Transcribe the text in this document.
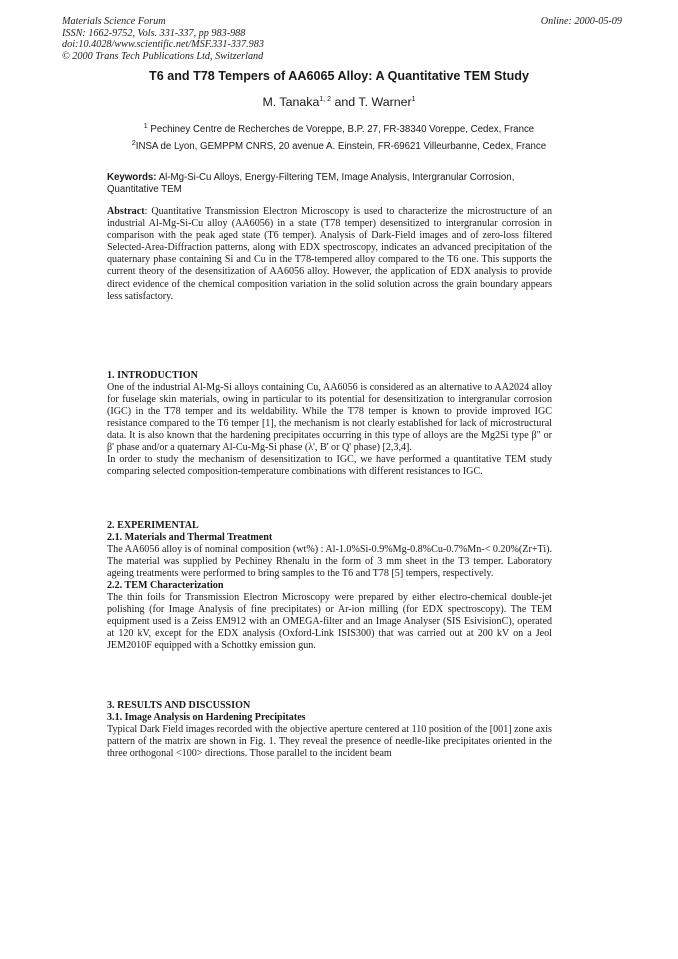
Materials Science Forum
ISSN: 1662-9752, Vols. 331-337, pp 983-988
doi:10.4028/www.scientific.net/MSF.331-337.983
© 2000 Trans Tech Publications Ltd, Switzerland
Online: 2000-05-09
T6 and T78 Tempers of AA6065 Alloy: A Quantitative TEM Study
M. Tanaka$^{1, 2}$ and T. Warner$^1$
$^1$ Pechiney Centre de Recherches de Voreppe, B.P. 27, FR-38340 Voreppe, Cedex, France
$^2$INSA de Lyon, GEMPPM CNRS, 20 avenue A. Einstein, FR-69621 Villeurbanne, Cedex, France
Keywords: Al-Mg-Si-Cu Alloys, Energy-Filtering TEM, Image Analysis, Intergranular Corrosion, Quantitative TEM
Abstract: Quantitative Transmission Electron Microscopy is used to characterize the microstructure of an industrial Al-Mg-Si-Cu alloy (AA6056) in a state (T78 temper) desensitized to intergranular corrosion in comparison with the peak aged state (T6 temper). Analysis of Dark-Field images and of zero-loss filtered Selected-Area-Diffraction patterns, along with EDX spectroscopy, indicates an advanced precipitation of the quaternary phase containing Si and Cu in the T78-tempered alloy compared to the T6 one. This supports the current theory of the desensitization of AA6056 alloy. However, the application of EDX analysis to provide direct evidence of the chemical composition variation in the solid solution across the grain boundary appears less satisfactory.
1. INTRODUCTION

One of the industrial Al-Mg-Si alloys containing Cu, AA6056 is considered as an alternative to AA2024 alloy for fuselage skin materials, owing in particular to its potential for desensitization to intergranular corrosion (IGC) in the T78 temper and its weldability. While the T78 temper is known to provide improved IGC resistance compared to the T6 temper [1], the mechanism is not clearly established for lack of microstructural data. It is also known that the hardening precipitates occurring in this type of alloys are the Mg2Si type β" or β' phase and/or a quaternary Al-Cu-Mg-Si phase (λ', B' or Q' phase) [2,3,4].

In order to study the mechanism of desensitization to IGC, we have performed a quantitative TEM study comparing selected composition-temperature combinations with different resistances to IGC.

2. EXPERIMENTAL
2.1. Materials and Thermal Treatment

The AA6056 alloy is of nominal composition (wt%) : Al-1.0%Si-0.9%Mg-0.8%Cu-0.7%Mn-< 0.20%(Zr+Ti). The material was supplied by Pechiney Rhenalu in the form of 3 mm sheet in the T3 temper. Laboratory ageing treatments were performed to bring samples to the T6 and T78 [5] tempers, respectively.

2.2. TEM Characterization

The thin foils for Transmission Electron Microscopy were prepared by either electro-chemical double-jet polishing (for Image Analysis of fine precipitates) or Ar-ion milling (for EDX spectroscopy). The TEM equipment used is a Zeiss EM912 with an OMEGA-filter and an Image Analyser (SIS EsivisionC), operated at 120 kV, except for the EDX analysis (Oxford-Link ISIS300) that was carried out at 200 kV on a Jeol JEM2010F equipped with a Schottky emission gun.

3. RESULTS AND DISCUSSION
3.1. Image Analysis on Hardening Precipitates

Typical Dark Field images recorded with the objective aperture centered at 110 position of the [001] zone axis pattern of the matrix are shown in Fig. 1. They reveal the presence of needle-like precipitates oriented in the three orthogonal <100> directions. Those parallel to the incident beam
